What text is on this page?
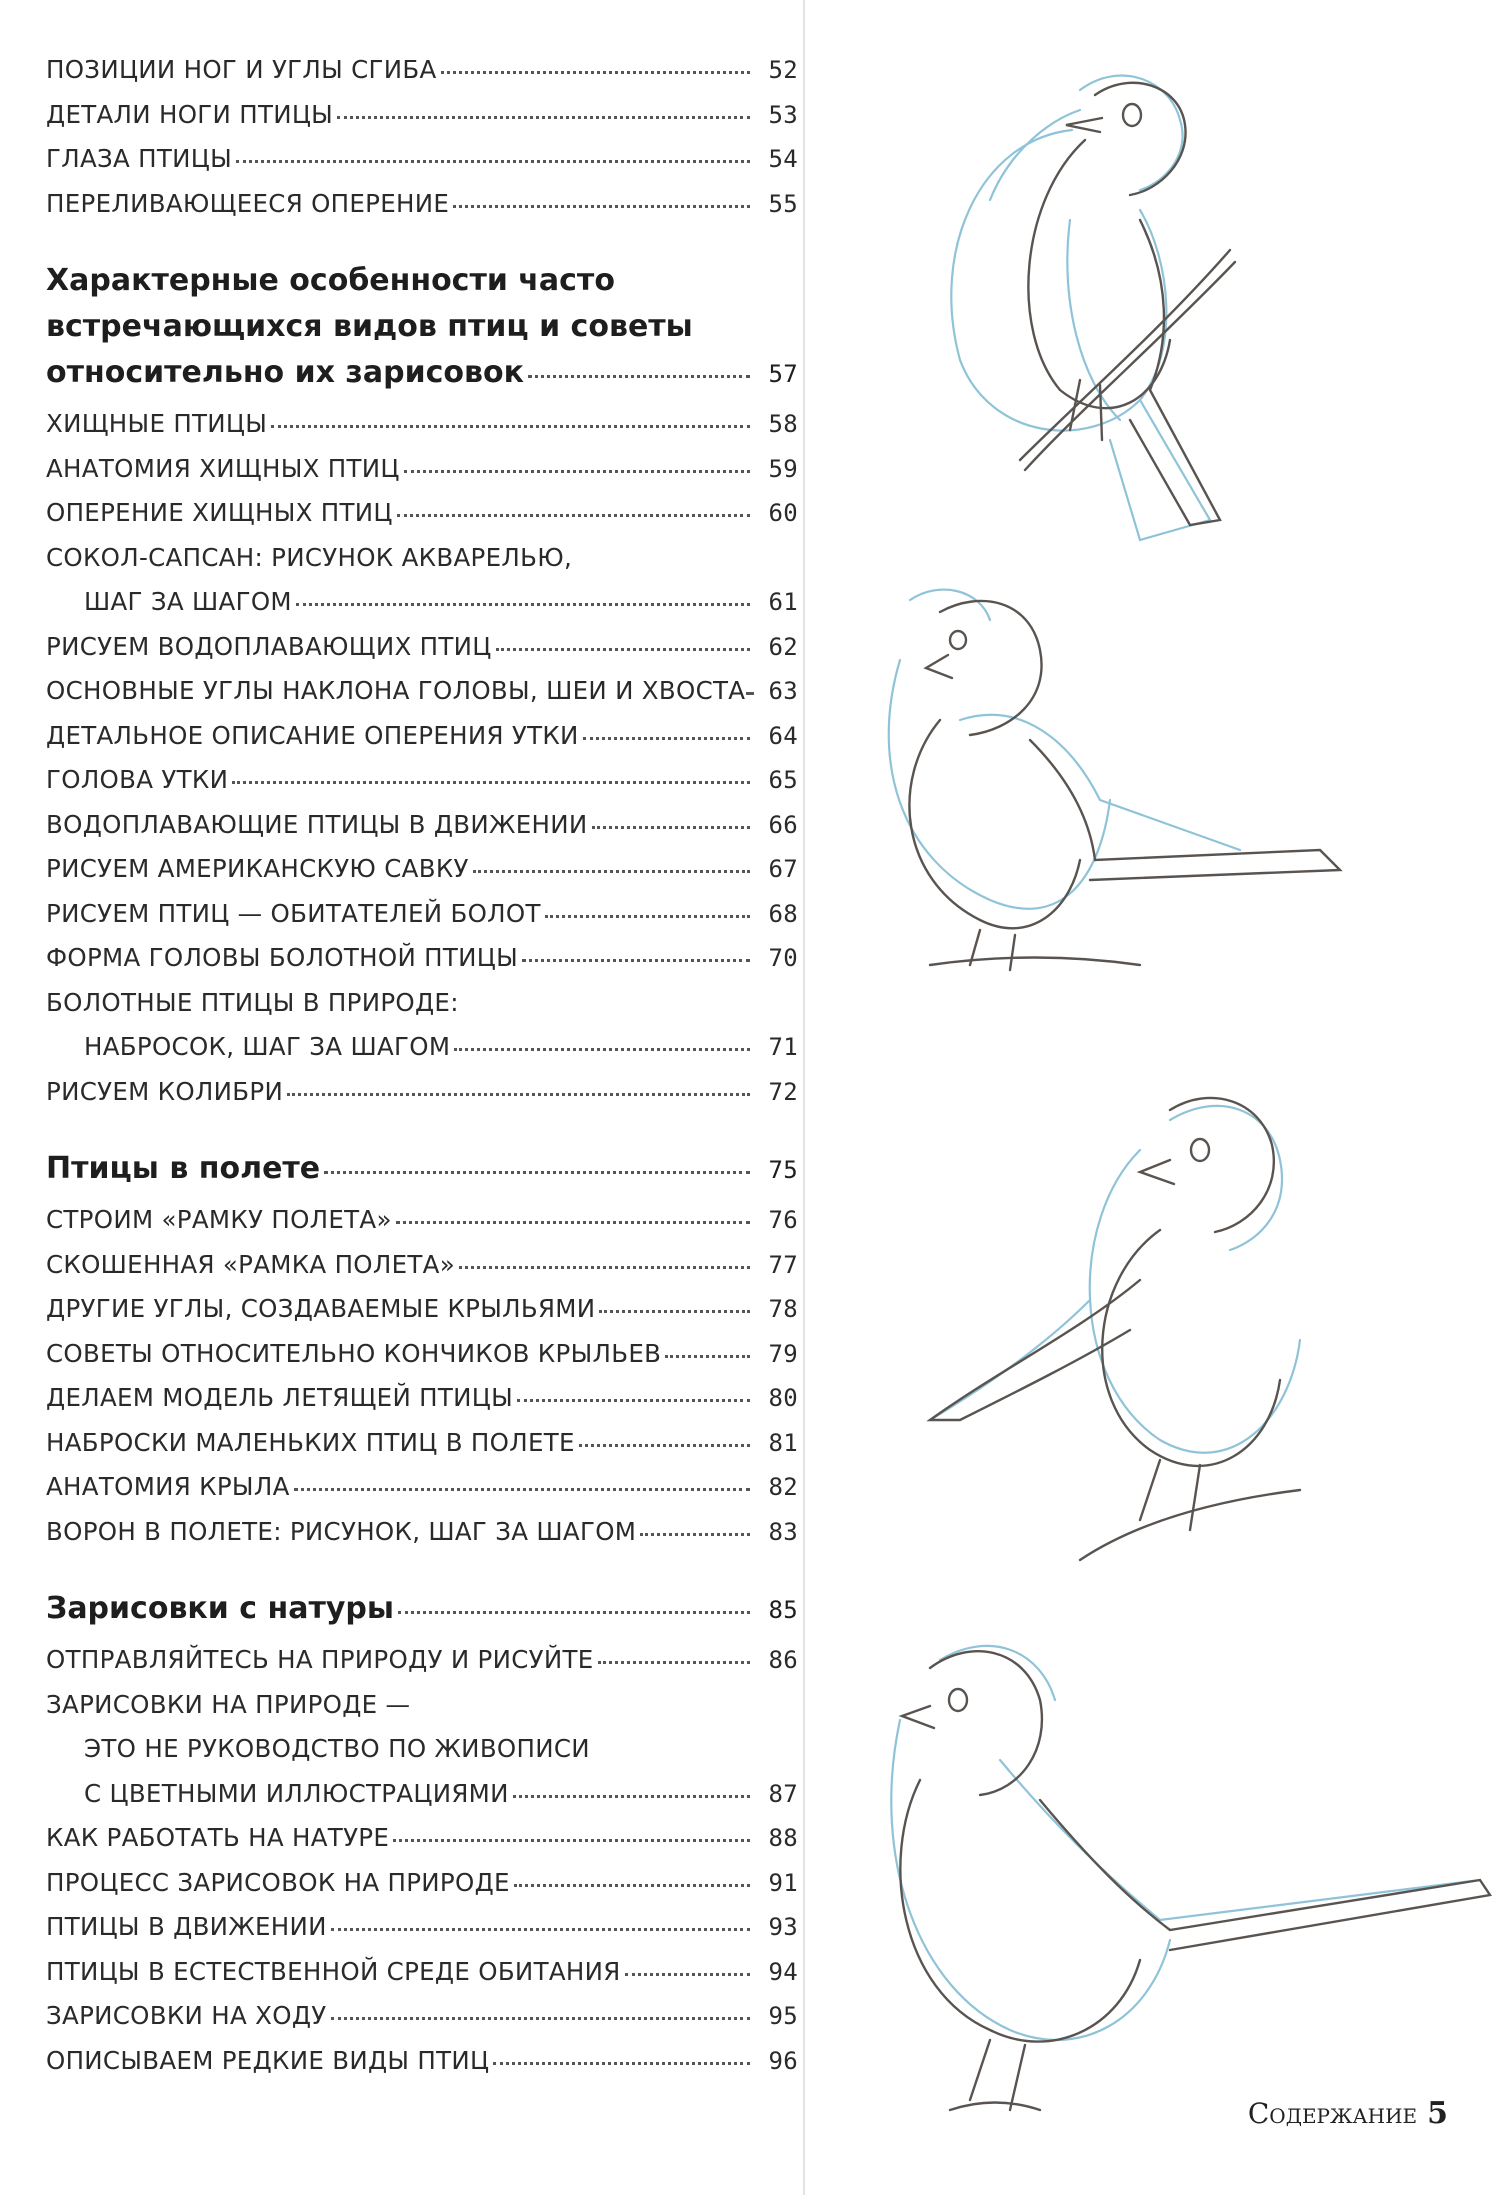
ПОЗИЦИИ НОГ И УГЛЫ СГИБА	52
ДЕТАЛИ НОГИ ПТИЦЫ	53
ГЛАЗА ПТИЦЫ	54
ПЕРЕЛИВАЮЩЕЕСЯ ОПЕРЕНИЕ	55
Характерные особенности часто
встречающихся видов птиц и советы
относительно их зарисовок	57
ХИЩНЫЕ ПТИЦЫ	58
АНАТОМИЯ ХИЩНЫХ ПТИЦ	59
ОПЕРЕНИЕ ХИЩНЫХ ПТИЦ	60
СОКОЛ-САПСАН: РИСУНОК АКВАРЕЛЬЮ,
ШАГ ЗА ШАГОМ	61
РИСУЕМ ВОДОПЛАВАЮЩИХ ПТИЦ	62
ОСНОВНЫЕ УГЛЫ НАКЛОНА ГОЛОВЫ, ШЕИ И ХВОСТА 63
ДЕТАЛЬНОЕ ОПИСАНИЕ ОПЕРЕНИЯ УТКИ	64
ГОЛОВА УТКИ	65
ВОДОПЛАВАЮЩИЕ ПТИЦЫ В ДВИЖЕНИИ	66
РИСУЕМ АМЕРИКАНСКУЮ САВКУ	67
РИСУЕМ ПТИЦ — ОБИТАТЕЛЕЙ БОЛОТ	68
ФОРМА ГОЛОВЫ БОЛОТНОЙ ПТИЦЫ	70
БОЛОТНЫЕ ПТИЦЫ В ПРИРОДЕ:
НАБРОСОК, ШАГ ЗА ШАГОМ	71
РИСУЕМ КОЛИБРИ	72
Птицы в полете	75
СТРОИМ «РАМКУ ПОЛЕТА»	76
СКОШЕННАЯ «РАМКА ПОЛЕТА»	77
ДРУГИЕ УГЛЫ, СОЗДАВАЕМЫЕ КРЫЛЬЯМИ	78
СОВЕТЫ ОТНОСИТЕЛЬНО КОНЧИКОВ КРЫЛЬЕВ	79
ДЕЛАЕМ МОДЕЛЬ ЛЕТЯЩЕЙ ПТИЦЫ	80
НАБРОСКИ МАЛЕНЬКИХ ПТИЦ В ПОЛЕТЕ	81
АНАТОМИЯ КРЫЛА	82
ВОРОН В ПОЛЕТЕ: РИСУНОК, ШАГ ЗА ШАГОМ	83
Зарисовки с натуры	85
ОТПРАВЛЯЙТЕСЬ НА ПРИРОДУ И РИСУЙТЕ	86
ЗАРИСОВКИ НА ПРИРОДЕ —
ЭТО НЕ РУКОВОДСТВО ПО ЖИВОПИСИ
С ЦВЕТНЫМИ ИЛЛЮСТРАЦИЯМИ	87
КАК РАБОТАТЬ НА НАТУРЕ	88
ПРОЦЕСС ЗАРИСОВОК НА ПРИРОДЕ	91
ПТИЦЫ В ДВИЖЕНИИ	93
ПТИЦЫ В ЕСТЕСТВЕННОЙ СРЕДЕ ОБИТАНИЯ	94
ЗАРИСОВКИ НА ХОДУ	95
ОПИСЫВАЕМ РЕДКИЕ ВИДЫ ПТИЦ	96
Содержание 5
